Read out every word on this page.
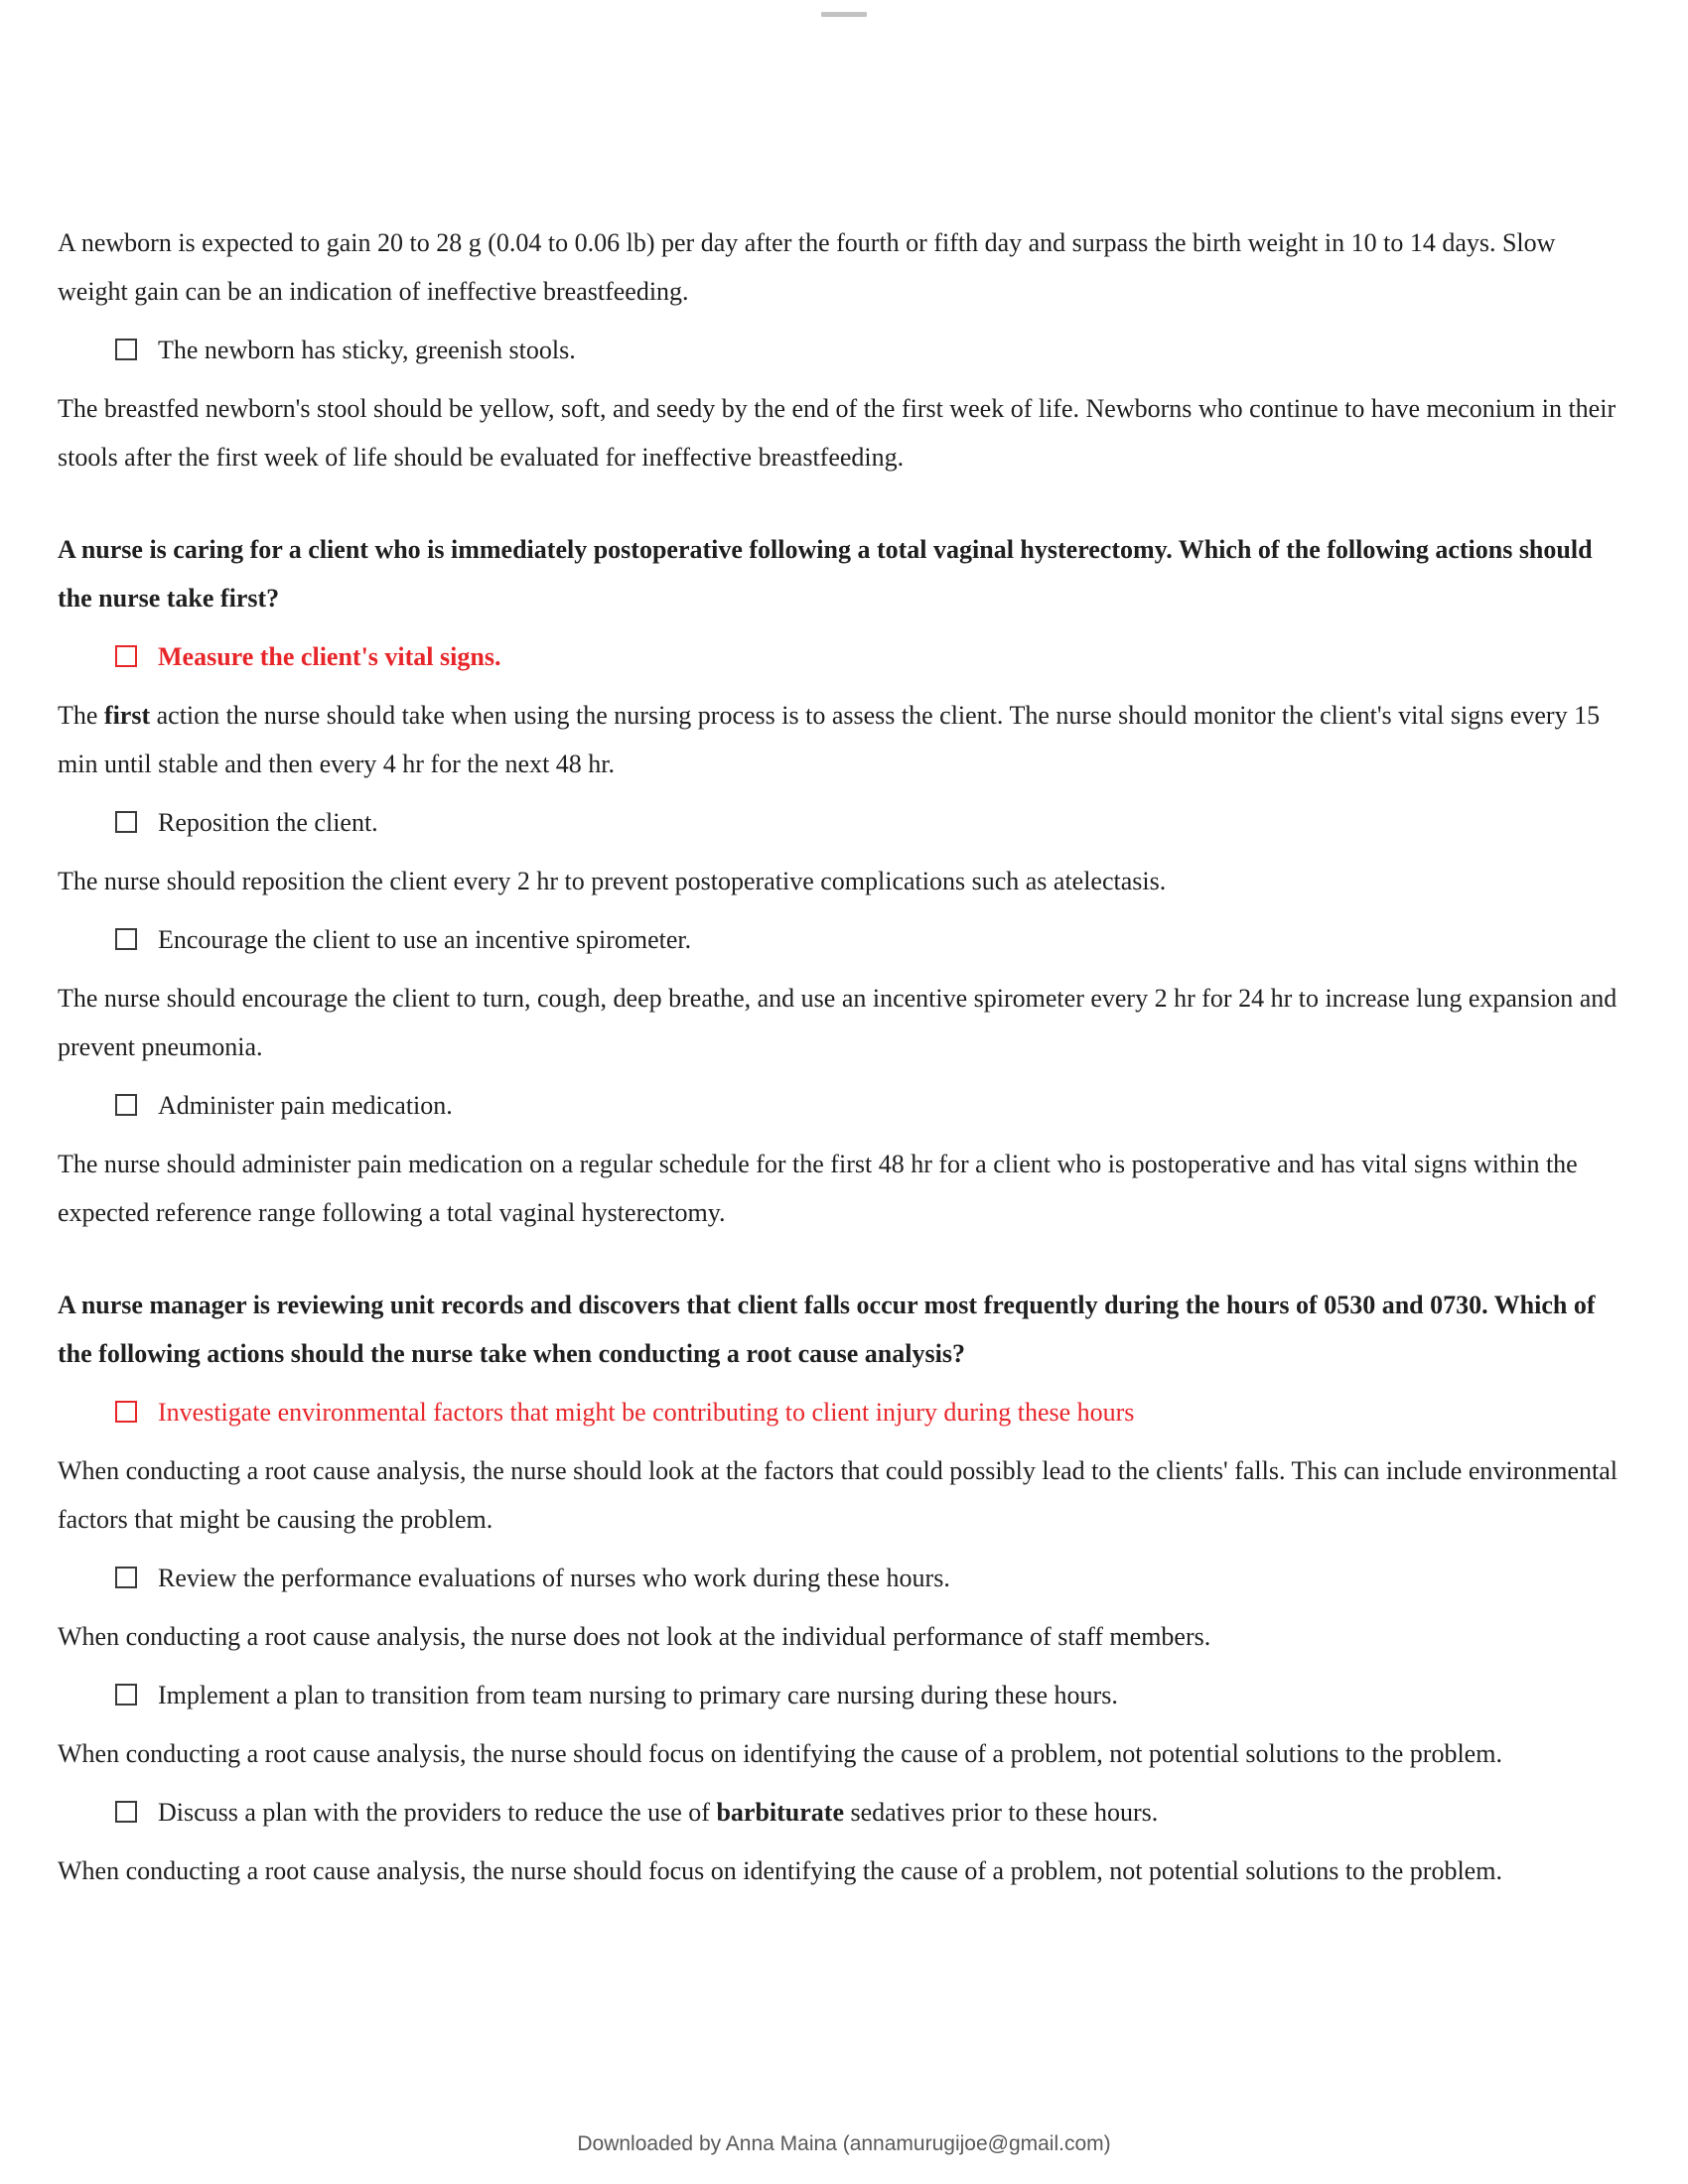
A newborn is expected to gain 20 to 28 g (0.04 to 0.06 lb) per day after the fourth or fifth day and surpass the birth weight in 10 to 14 days. Slow weight gain can be an indication of ineffective breastfeeding.

The newborn has sticky, greenish stools.

The breastfed newborn's stool should be yellow, soft, and seedy by the end of the first week of life. Newborns who continue to have meconium in their stools after the first week of life should be evaluated for ineffective breastfeeding.

A nurse is caring for a client who is immediately postoperative following a total vaginal hysterectomy. Which of the following actions should the nurse take first?

Measure the client's vital signs.

The first action the nurse should take when using the nursing process is to assess the client. The nurse should monitor the client's vital signs every 15 min until stable and then every 4 hr for the next 48 hr.

Reposition the client.

The nurse should reposition the client every 2 hr to prevent postoperative complications such as atelectasis.

Encourage the client to use an incentive spirometer.

The nurse should encourage the client to turn, cough, deep breathe, and use an incentive spirometer every 2 hr for 24 hr to increase lung expansion and prevent pneumonia.

Administer pain medication.

The nurse should administer pain medication on a regular schedule for the first 48 hr for a client who is postoperative and has vital signs within the expected reference range following a total vaginal hysterectomy.

A nurse manager is reviewing unit records and discovers that client falls occur most frequently during the hours of 0530 and 0730. Which of the following actions should the nurse take when conducting a root cause analysis?

Investigate environmental factors that might be contributing to client injury during these hours

When conducting a root cause analysis, the nurse should look at the factors that could possibly lead to the clients' falls. This can include environmental factors that might be causing the problem.

Review the performance evaluations of nurses who work during these hours.

When conducting a root cause analysis, the nurse does not look at the individual performance of staff members.

Implement a plan to transition from team nursing to primary care nursing during these hours.

When conducting a root cause analysis, the nurse should focus on identifying the cause of a problem, not potential solutions to the problem.

Discuss a plan with the providers to reduce the use of barbiturate sedatives prior to these hours.

When conducting a root cause analysis, the nurse should focus on identifying the cause of a problem, not potential solutions to the problem.

Downloaded by Anna Maina (annamurugijoe@gmail.com)
